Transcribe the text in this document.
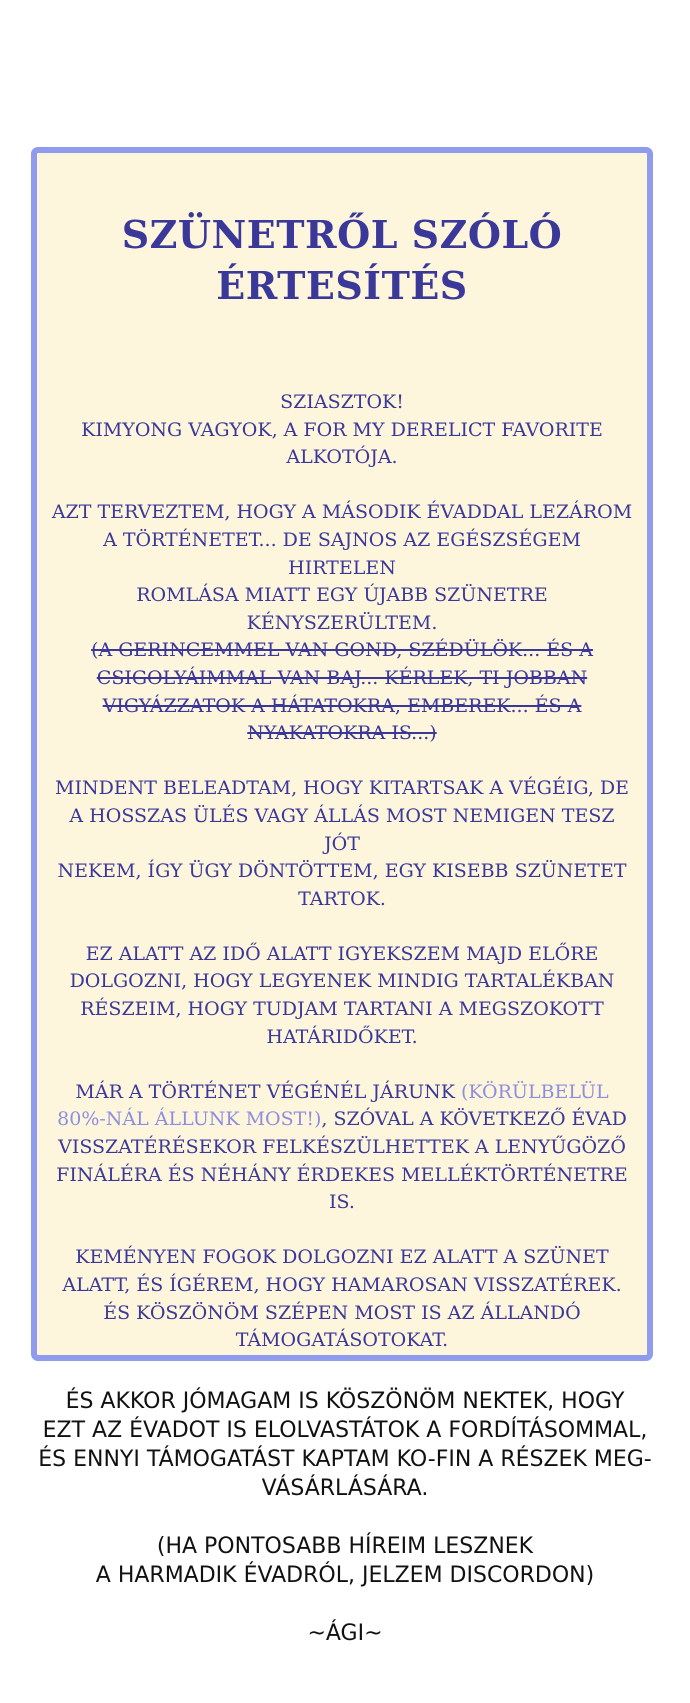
SZÜNETRŐL SZÓLÓ
ÉRTESÍTÉS

SZIASZTOK!
KIMYONG VAGYOK, A FOR MY DERELICT FAVORITE
ALKOTÓJA.

AZT TERVEZTEM, HOGY A MÁSODIK ÉVADDAL LEZÁROM
A TÖRTÉNETET... DE SAJNOS AZ EGÉSZSÉGEM HIRTELEN
ROMLÁSA MIATT EGY ÚJABB SZÜNETRE KÉNYSZERÜLTEM.
(A GERINCEMMEL VAN GOND, SZÉDÜLÖK... ÉS A
CSIGOLYÁIMMAL VAN BAJ... KÉRLEK, TI JOBBAN
VIGYÁZZATOK A HÁTATOKRA, EMBEREK... ÉS A
NYAKATOKRA IS...)

MINDENT BELEADTAM, HOGY KITARTSAK A VÉGÉIG, DE
A HOSSZAS ÜLÉS VAGY ÁLLÁS MOST NEMIGEN TESZ JÓT
NEKEM, ÍGY ÜGY DÖNTÖTTEM, EGY KISEBB SZÜNETET
TARTOK.

EZ ALATT AZ IDŐ ALATT IGYEKSZEM MAJD ELŐRE
DOLGOZNI, HOGY LEGYENEK MINDIG TARTALÉKBAN
RÉSZEIM, HOGY TUDJAM TARTANI A MEGSZOKOTT
HATÁRIDŐKET.

MÁR A TÖRTÉNET VÉGÉNÉL JÁRUNK (KÖRÜLBELÜL
80%-NÁL ÁLLUNK MOST!), SZÓVAL A KÖVETKEZŐ ÉVAD
VISSZATÉRÉSEKOR FELKÉSZÜLHETTEK A LENYŰGÖZŐ
FINÁLÉRA ÉS NÉHÁNY ÉRDEKES MELLÉKTÖRTÉNETRE IS.

KEMÉNYEN FOGOK DOLGOZNI EZ ALATT A SZÜNET
ALATT, ÉS ÍGÉREM, HOGY HAMAROSAN VISSZATÉREK.
ÉS KÖSZÖNÖM SZÉPEN MOST IS AZ ÁLLANDÓ
TÁMOGATÁSOTOKAT.

ÉS AKKOR JÓMAGAM IS KÖSZÖNÖM NEKTEK, HOGY
EZT AZ ÉVADOT IS ELOLVASTÁTOK A FORDÍTÁSOMMAL,
ÉS ENNYI TÁMOGATÁST KAPTAM KO-FIN A RÉSZEK MEG-
VÁSÁRLÁSÁRA.

(HA PONTOSABB HÍREIM LESZNEK
A HARMADIK ÉVADRÓL, JELZEM DISCORDON)

~ÁGI~
